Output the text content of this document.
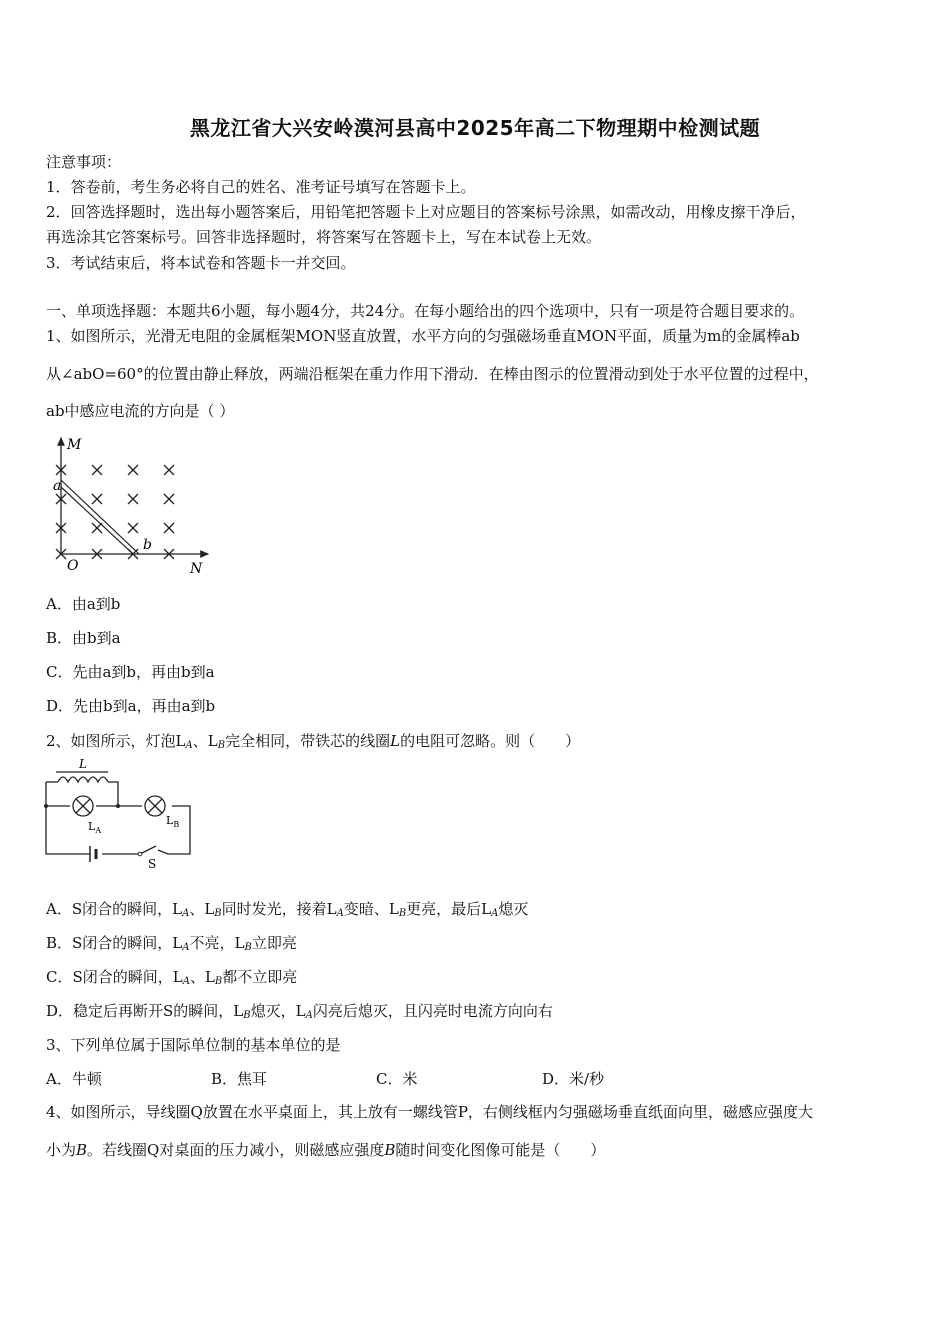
黑龙江省大兴安岭漠河县高中2025年高二下物理期中检测试题
注意事项：
1．答卷前，考生务必将自己的姓名、准考证号填写在答题卡上。
2．回答选择题时，选出每小题答案后，用铅笔把答题卡上对应题目的答案标号涂黑，如需改动，用橡皮擦干净后，
再选涂其它答案标号。回答非选择题时，将答案写在答题卡上，写在本试卷上无效。
3．考试结束后，将本试卷和答题卡一并交回。
一、单项选择题：本题共6小题，每小题4分，共24分。在每小题给出的四个选项中，只有一项是符合题目要求的。
1、如图所示，光滑无电阻的金属框架MON竖直放置，水平方向的匀强磁场垂直MON平面，质量为m的金属棒ab
从∠abO=60°的位置由静止释放，两端沿框架在重力作用下滑动．在棒由图示的位置滑动到处于水平位置的过程中，
ab中感应电流的方向是（ ）
M
a
b
O	N
A．由a到b
B．由b到a
C．先由a到b，再由b到a
D．先由b到a，再由a到b
2、如图所示，灯泡$L_A$、$L_B$完全相同，带铁芯的线圈L的电阻可忽略。则（　　）
L
$L_A$
$L_B$
S
A．S闭合的瞬间，$L_A$、$L_B$同时发光，接着$L_A$变暗、$L_B$更亮，最后$L_A$熄灭
B．S闭合的瞬间，$L_A$不亮，$L_B$立即亮
C．S闭合的瞬间，$L_A$、$L_B$都不立即亮
D．稳定后再断开S的瞬间，$L_B$熄灭，$L_A$闪亮后熄灭，且闪亮时电流方向向右
3、下列单位属于国际单位制的基本单位的是
A．牛顿	B．焦耳	C．米	D．米/秒
4、如图所示，导线圈Q放置在水平桌面上，其上放有一螺线管P，右侧线框内匀强磁场垂直纸面向里，磁感应强度大
小为B。若线圈Q对桌面的压力减小，则磁感应强度B随时间变化图像可能是（　　）
